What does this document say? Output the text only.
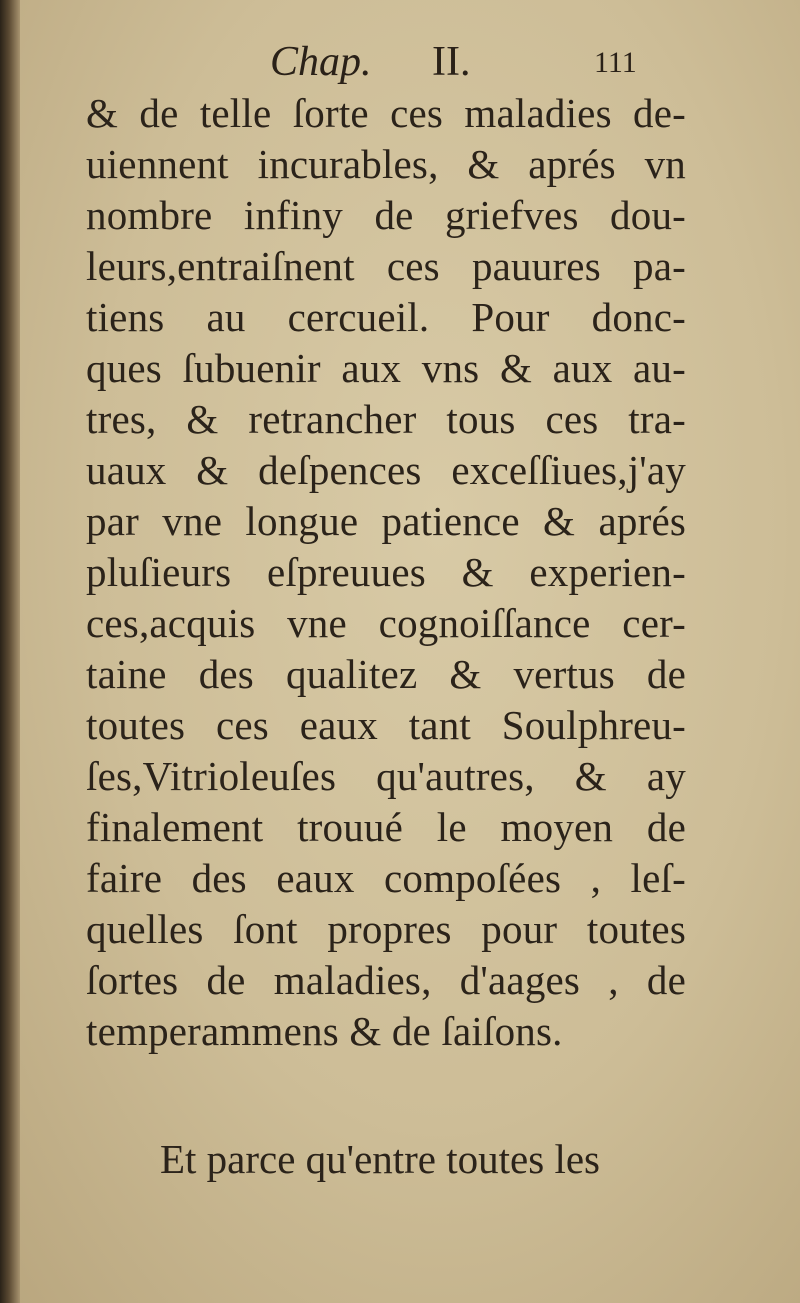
Chap. II.	111
& de telle ſorte ces maladies de-
uiennent incurables, & aprés vn
nombre infiny de griefves dou-
leurs,entraiſnent ces pauures pa-
tiens au cercueil. Pour donc-
ques ſubuenir aux vns & aux au-
tres, & retrancher tous ces tra-
uaux & deſpences exceſſiues,j'ay
par vne longue patience & aprés
pluſieurs eſpreuues & experien-
ces,acquis vne cognoiſſance cer-
taine des qualitez & vertus de
toutes ces eaux tant Soulphreu-
ſes,Vitrioleuſes qu'autres, & ay
finalement trouué le moyen de
faire des eaux compoſées , leſ-
quelles ſont propres pour toutes
ſortes de maladies, d'aages , de
temperammens & de ſaiſons.
Et parce qu'entre toutes les
